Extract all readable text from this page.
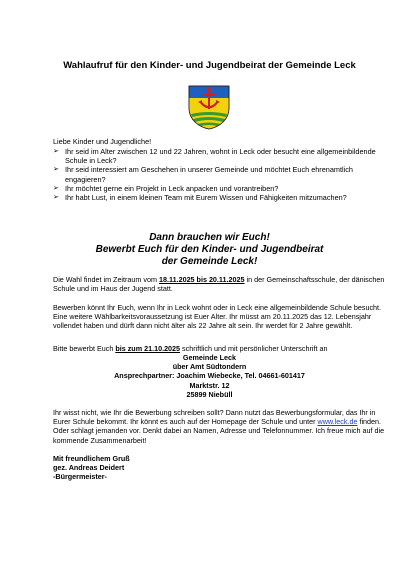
Wahlaufruf für den Kinder- und Jugendbeirat der Gemeinde Leck
Liebe Kinder und Jugendliche!
➢ Ihr seid im Alter zwischen 12 und 22 Jahren, wohnt in Leck oder besucht eine allgemeinbildende Schule in Leck?
➢ Ihr seid interessiert am Geschehen in unserer Gemeinde und möchtet Euch ehrenamtlich engagieren?
➢ Ihr möchtet gerne ein Projekt in Leck anpacken und vorantreiben?
➢ Ihr habt Lust, in einem kleinen Team mit Eurem Wissen und Fähigkeiten mitzumachen?
Dann brauchen wir Euch!
Bewerbt Euch für den Kinder- und Jugendbeirat
der Gemeinde Leck!
Die Wahl findet im Zeitraum vom 18.11.2025 bis 20.11.2025 in der Gemeinschaftsschule, der dänischen Schule und im Haus der Jugend statt.
Bewerben könnt Ihr Euch, wenn Ihr in Leck wohnt oder in Leck eine allgemeinbildende Schule besucht. Eine weitere Wählbarkeitsvoraussetzung ist Euer Alter. Ihr müsst am 20.11.2025 das 12. Lebensjahr vollendet haben und dürft dann nicht älter als 22 Jahre alt sein. Ihr werdet für 2 Jahre gewählt.
Bitte bewerbt Euch bis zum 21.10.2025 schriftlich und mit persönlicher Unterschrift an
Gemeinde Leck
über Amt Südtondern
Ansprechpartner: Joachim Wiebecke, Tel. 04661-601417
Marktstr. 12
25899 Niebüll
Ihr wisst nicht, wie Ihr die Bewerbung schreiben sollt? Dann nutzt das Bewerbungsformular, das Ihr in Eurer Schule bekommt. Ihr könnt es auch auf der Homepage der Schule und unter www.leck.de finden.
Oder schlagt jemanden vor. Denkt dabei an Namen, Adresse und Telefonnummer. Ich freue mich auf die kommende Zusammenarbeit!
Mit freundlichem Gruß
gez. Andreas Deidert
-Bürgermeister-
